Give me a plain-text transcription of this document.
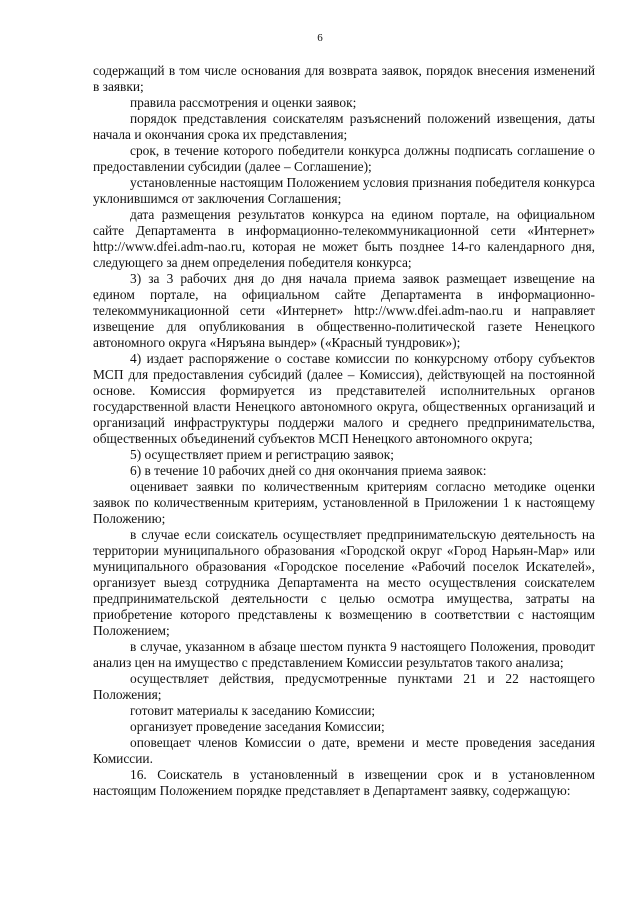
6

содержащий в том числе основания для возврата заявок, порядок внесения изменений в заявки;

правила рассмотрения и оценки заявок;

порядок представления соискателям разъяснений положений извещения, даты начала и окончания срока их представления;

срок, в течение которого победители конкурса должны подписать соглашение о предоставлении субсидии (далее – Соглашение);

установленные настоящим Положением условия признания победителя конкурса уклонившимся от заключения Соглашения;

дата размещения результатов конкурса на едином портале, на официальном сайте Департамента в информационно-телекоммуникационной сети «Интернет» http://www.dfei.adm-nao.ru, которая не может быть позднее 14-го календарного дня, следующего за днем определения победителя конкурса;

3) за 3 рабочих дня до дня начала приема заявок размещает извещение на едином портале, на официальном сайте Департамента в информационно-телекоммуникационной сети «Интернет» http://www.dfei.adm-nao.ru и направляет извещение для опубликования в общественно-политической газете Ненецкого автономного округа «Няръяна вындер» («Красный тундровик»);

4) издает распоряжение о составе комиссии по конкурсному отбору субъектов МСП для предоставления субсидий (далее – Комиссия), действующей на постоянной основе. Комиссия формируется из представителей исполнительных органов государственной власти Ненецкого автономного округа, общественных организаций и организаций инфраструктуры поддержи малого и среднего предпринимательства, общественных объединений субъектов МСП Ненецкого автономного округа;

5) осуществляет прием и регистрацию заявок;

6) в течение 10 рабочих дней со дня окончания приема заявок:

оценивает заявки по количественным критериям согласно методике оценки заявок по количественным критериям, установленной в Приложении 1 к настоящему Положению;

в случае если соискатель осуществляет предпринимательскую деятельность на территории муниципального образования «Городской округ «Город Нарьян-Мар» или муниципального образования «Городское поселение «Рабочий поселок Искателей», организует выезд сотрудника Департамента на место осуществления соискателем предпринимательской деятельности с целью осмотра имущества, затраты на приобретение которого представлены к возмещению в соответствии с настоящим Положением;

в случае, указанном в абзаце шестом пункта 9 настоящего Положения, проводит анализ цен на имущество с представлением Комиссии результатов такого анализа;

осуществляет действия, предусмотренные пунктами 21 и 22 настоящего Положения;

готовит материалы к заседанию Комиссии;

организует проведение заседания Комиссии;

оповещает членов Комиссии о дате, времени и месте проведения заседания Комиссии.

16. Соискатель в установленный в извещении срок и в установленном настоящим Положением порядке представляет в Департамент заявку, содержащую:
